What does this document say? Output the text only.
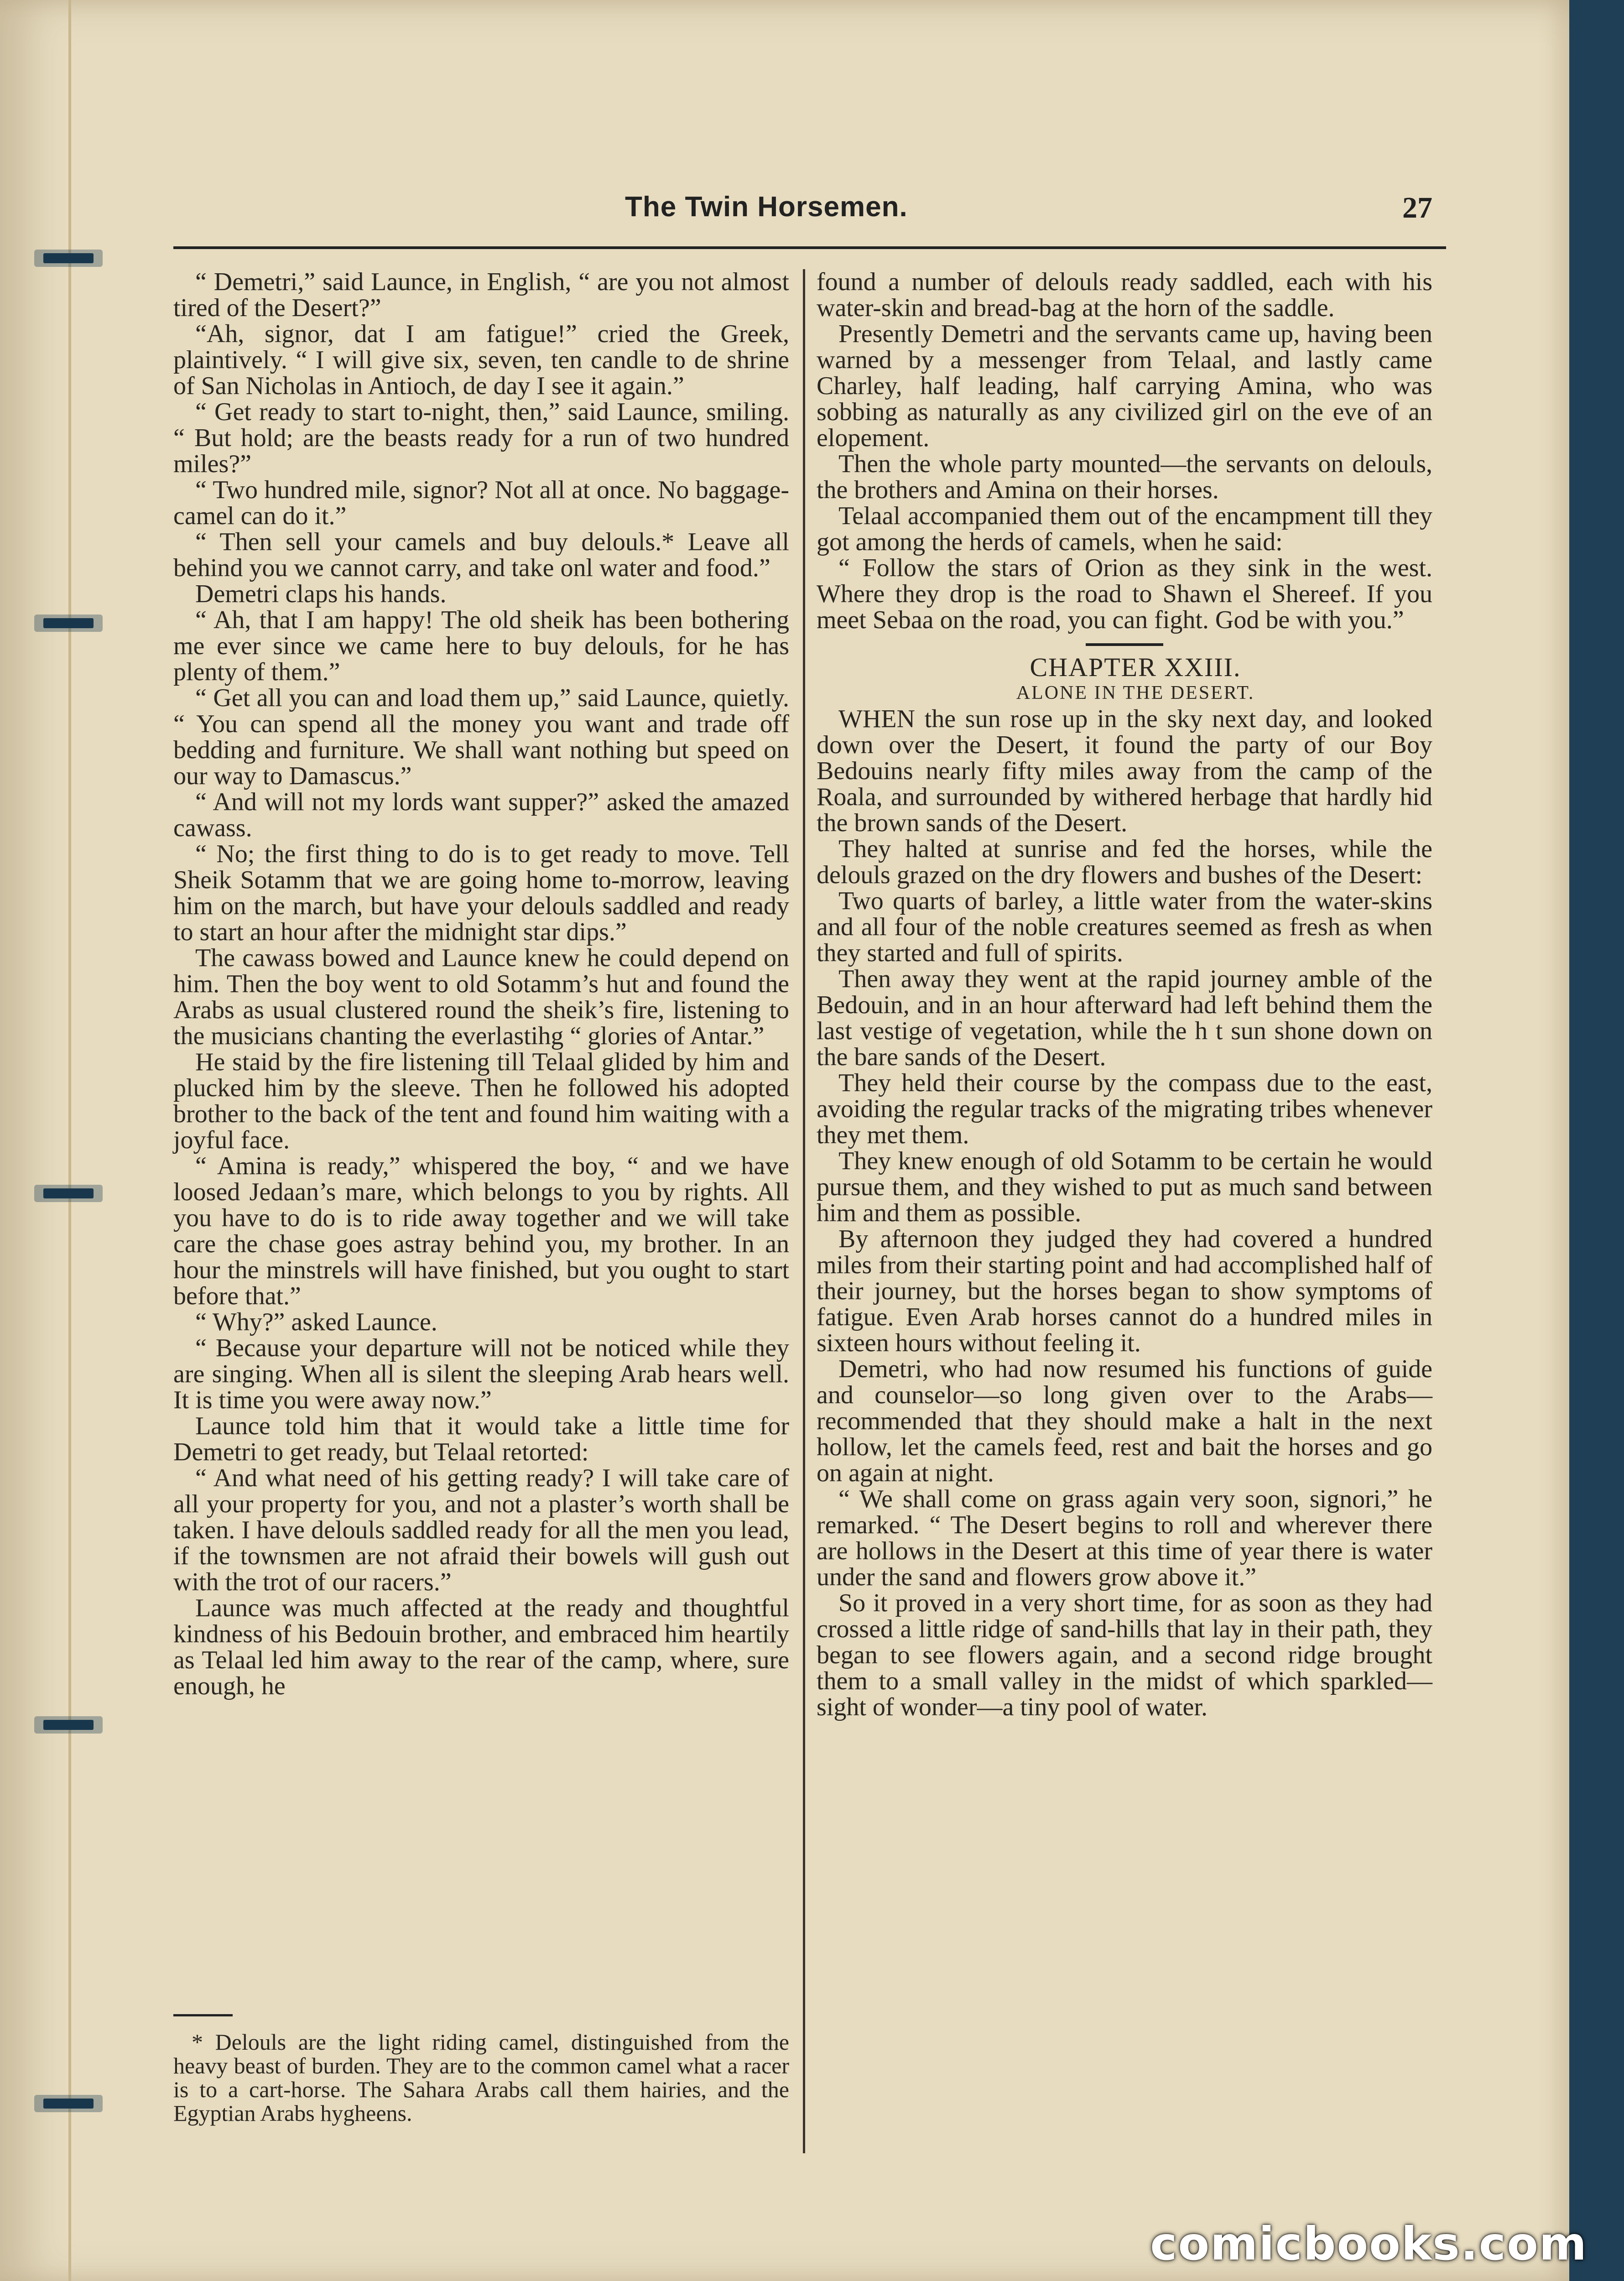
The Twin Horsemen.	27

“ Demetri,” said Launce, in English, “ are you not almost tired of the Desert?”

“Ah, signor, dat I am fatigue!” cried the Greek, plaintively. “ I will give six, seven, ten candle to de shrine of San Nicholas in Antioch, de day I see it again.”

“ Get ready to start to-night, then,” said Launce, smiling. “ But hold; are the beasts ready for a run of two hundred miles?”

“ Two hundred mile, signor? Not all at once. No baggage-camel can do it.”

“ Then sell your camels and buy delouls.* Leave all behind you we cannot carry, and take onl water and food.”

Demetri claps his hands.

“ Ah, that I am happy! The old sheik has been bothering me ever since we came here to buy delouls, for he has plenty of them.”

“ Get all you can and load them up,” said Launce, quietly. “ You can spend all the money you want and trade off bedding and furniture. We shall want nothing but speed on our way to Damascus.”

“ And will not my lords want supper?” asked the amazed cawass.

“ No; the first thing to do is to get ready to move. Tell Sheik Sotamm that we are going home to-morrow, leaving him on the march, but have your delouls saddled and ready to start an hour after the midnight star dips.”

The cawass bowed and Launce knew he could depend on him. Then the boy went to old Sotamm’s hut and found the Arabs as usual clustered round the sheik’s fire, listening to the musicians chanting the everlastihg “ glories of Antar.”

He staid by the fire listening till Telaal glided by him and plucked him by the sleeve. Then he followed his adopted brother to the back of the tent and found him waiting with a joyful face.

“ Amina is ready,” whispered the boy, “ and we have loosed Jedaan’s mare, which belongs to you by rights. All you have to do is to ride away together and we will take care the chase goes astray behind you, my brother. In an hour the minstrels will have finished, but you ought to start before that.”

“ Why?” asked Launce.

“ Because your departure will not be noticed while they are singing. When all is silent the sleeping Arab hears well. It is time you were away now.”

Launce told him that it would take a little time for Demetri to get ready, but Telaal retorted:

“ And what need of his getting ready? I will take care of all your property for you, and not a plaster’s worth shall be taken. I have delouls saddled ready for all the men you lead, if the townsmen are not afraid their bowels will gush out with the trot of our racers.”

Launce was much affected at the ready and thoughtful kindness of his Bedouin brother, and embraced him heartily as Telaal led him away to the rear of the camp, where, sure enough, he

found a number of delouls ready saddled, each with his water-skin and bread-bag at the horn of the saddle.

Presently Demetri and the servants came up, having been warned by a messenger from Telaal, and lastly came Charley, half leading, half carrying Amina, who was sobbing as naturally as any civilized girl on the eve of an elopement.

Then the whole party mounted—the servants on delouls, the brothers and Amina on their horses.

Telaal accompanied them out of the encampment till they got among the herds of camels, when he said:

“ Follow the stars of Orion as they sink in the west. Where they drop is the road to Shawn el Shereef. If you meet Sebaa on the road, you can fight. God be with you.”

CHAPTER XXIII.

ALONE IN THE DESERT.

WHEN the sun rose up in the sky next day, and looked down over the Desert, it found the party of our Boy Bedouins nearly fifty miles away from the camp of the Roala, and surrounded by withered herbage that hardly hid the brown sands of the Desert.

They halted at sunrise and fed the horses, while the delouls grazed on the dry flowers and bushes of the Desert:

Two quarts of barley, a little water from the water-skins and all four of the noble creatures seemed as fresh as when they started and full of spirits.

Then away they went at the rapid journey amble of the Bedouin, and in an hour afterward had left behind them the last vestige of vegetation, while the h t sun shone down on the bare sands of the Desert.

They held their course by the compass due to the east, avoiding the regular tracks of the migrating tribes whenever they met them.

They knew enough of old Sotamm to be certain he would pursue them, and they wished to put as much sand between him and them as possible.

By afternoon they judged they had covered a hundred miles from their starting point and had accomplished half of their journey, but the horses began to show symptoms of fatigue. Even Arab horses cannot do a hundred miles in sixteen hours without feeling it.

Demetri, who had now resumed his functions of guide and counselor—so long given over to the Arabs—recommended that they should make a halt in the next hollow, let the camels feed, rest and bait the horses and go on again at night.

“ We shall come on grass again very soon, signori,” he remarked. “ The Desert begins to roll and wherever there are hollows in the Desert at this time of year there is water under the sand and flowers grow above it.”

So it proved in a very short time, for as soon as they had crossed a little ridge of sand-hills that lay in their path, they began to see flowers again, and a second ridge brought them to a small valley in the midst of which sparkled—sight of wonder—a tiny pool of water.

* Delouls are the light riding camel, distinguished from the heavy beast of burden. They are to the common camel what a racer is to a cart-horse. The Sahara Arabs call them hairies, and the Egyptian Arabs hygheens.

comicbooks.com
